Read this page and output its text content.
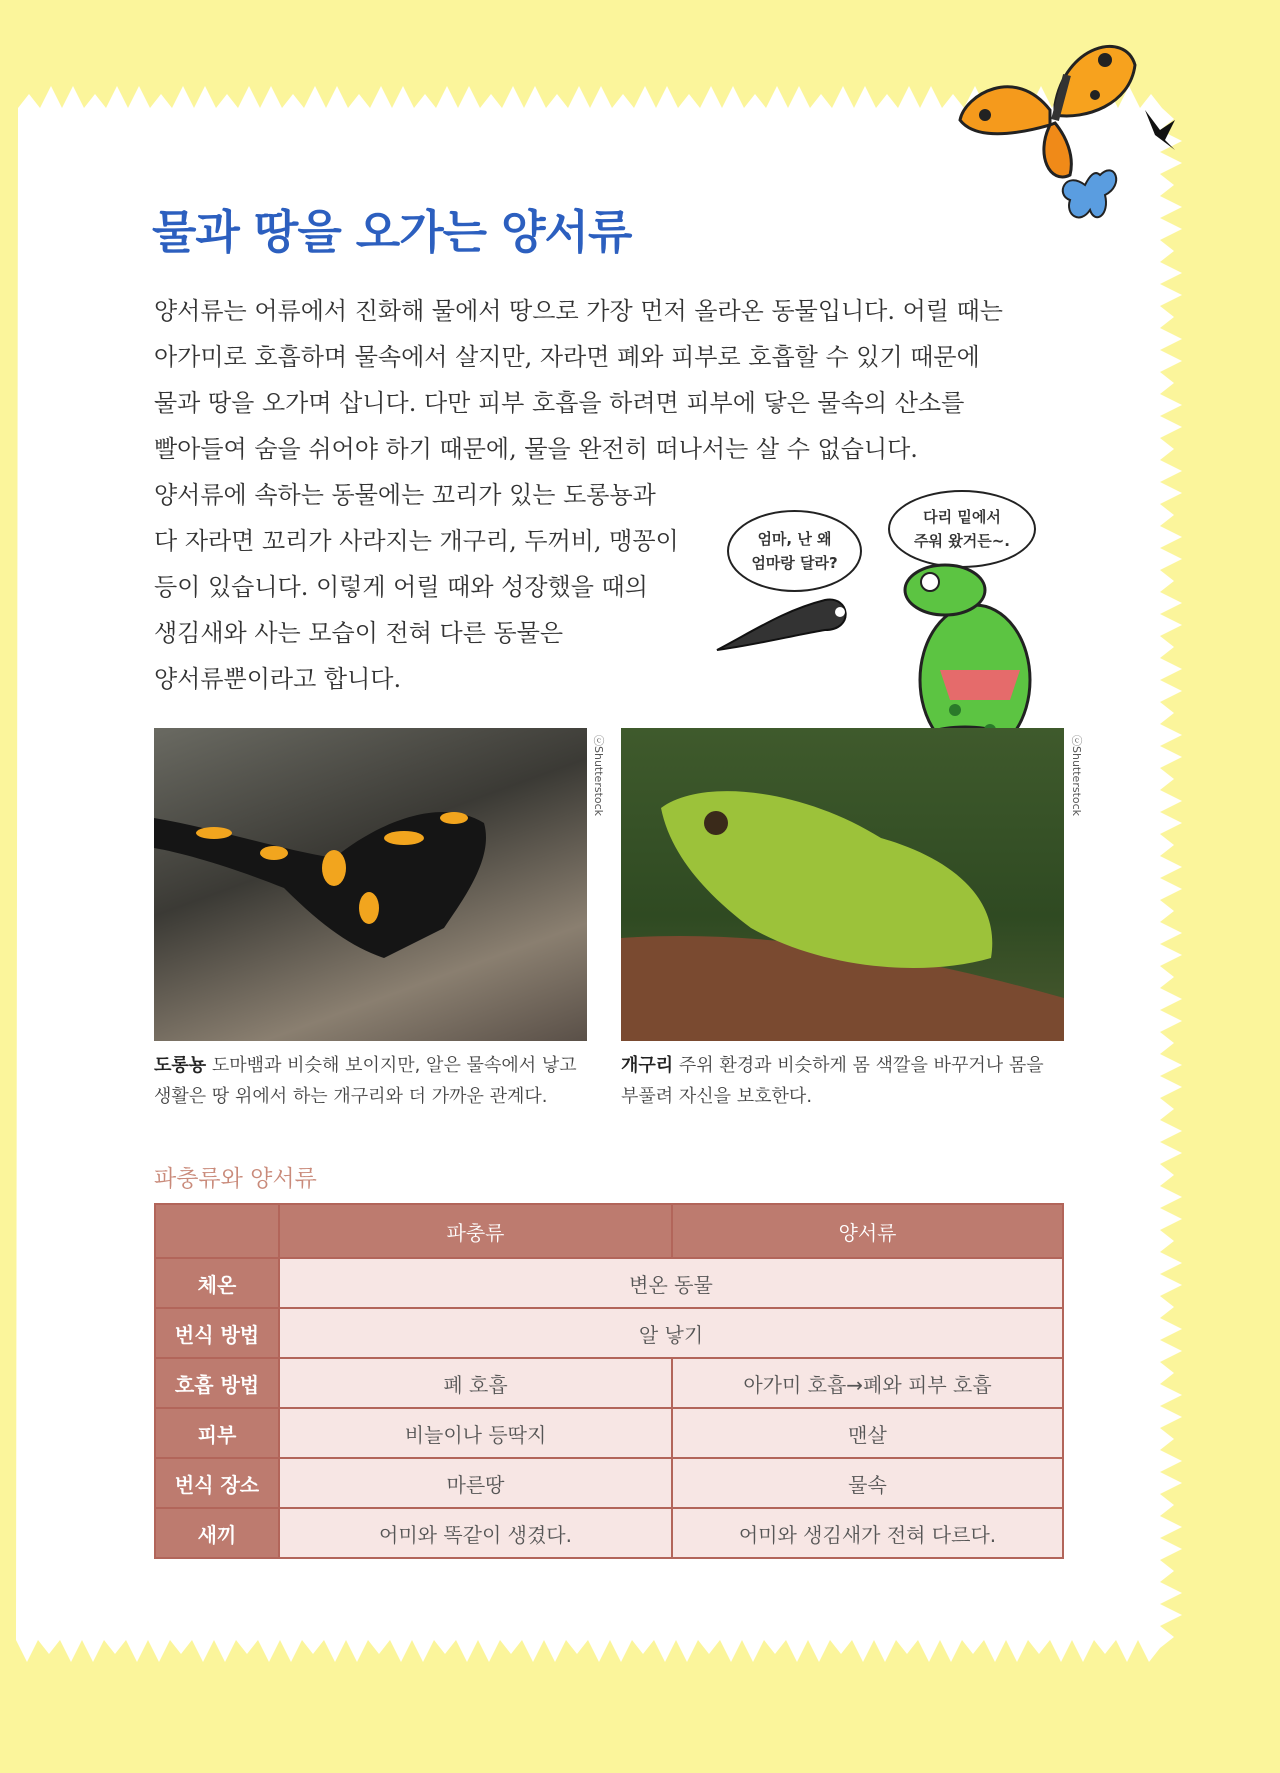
물과 땅을 오가는 양서류

양서류는 어류에서 진화해 물에서 땅으로 가장 먼저 올라온 동물입니다. 어릴 때는

아가미로 호흡하며 물속에서 살지만, 자라면 폐와 피부로 호흡할 수 있기 때문에

물과 땅을 오가며 삽니다. 다만 피부 호흡을 하려면 피부에 닿은 물속의 산소를

빨아들여 숨을 쉬어야 하기 때문에, 물을 완전히 떠나서는 살 수 없습니다.

양서류에 속하는 동물에는 꼬리가 있는 도롱뇽과

다 자라면 꼬리가 사라지는 개구리, 두꺼비, 맹꽁이

등이 있습니다. 이렇게 어릴 때와 성장했을 때의

생김새와 사는 모습이 전혀 다른 동물은

양서류뿐이라고 합니다.

엄마, 난 왜
엄마랑 달라?
다리 밑에서
주워 왔거든~.
ⓒShutterstock	ⓒShutterstock
도롱뇽 도마뱀과 비슷해 보이지만, 알은 물속에서 낳고
생활은 땅 위에서 하는 개구리와 더 가까운 관계다.
개구리 주위 환경과 비슷하게 몸 색깔을 바꾸거나 몸을
부풀려 자신을 보호한다.
파충류와 양서류
	파충류	양서류
체온	변온 동물	
번식 방법	알 낳기	
호흡 방법	폐 호흡	아가미 호흡→폐와 피부 호흡
피부	비늘이나 등딱지	맨살
번식 장소	마른땅	물속
새끼	어미와 똑같이 생겼다.	어미와 생김새가 전혀 다르다.
